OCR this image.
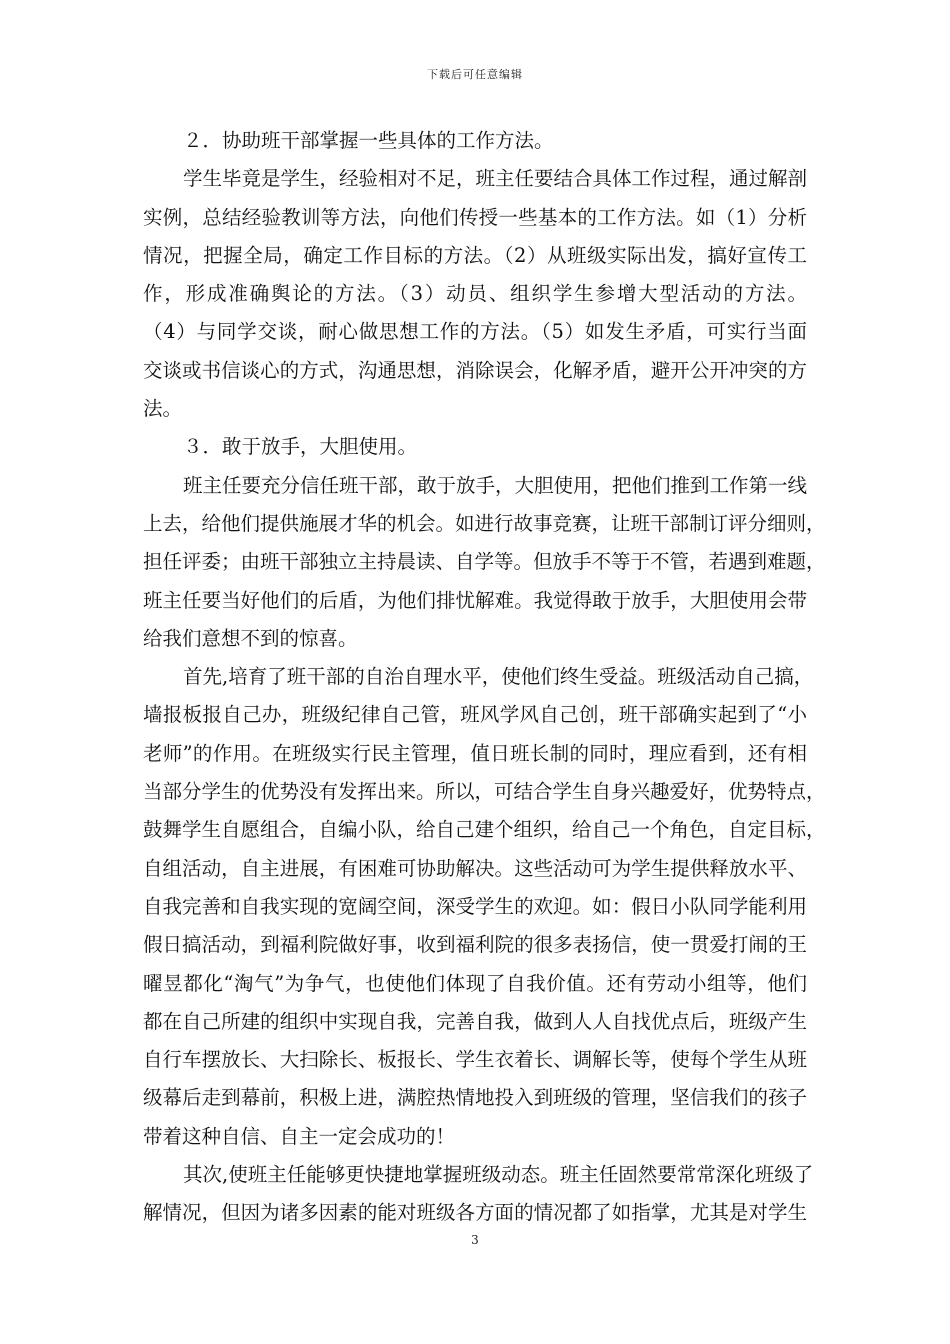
下载后可任意编辑
２．协助班干部掌握一些具体的工作方法。
学生毕竟是学生，经验相对不足，班主任要结合具体工作过程，通过解剖
实例，总结经验教训等方法，向他们传授一些基本的工作方法。如（1）分析
情况，把握全局，确定工作目标的方法。（2）从班级实际出发，搞好宣传工
作，形成准确舆论的方法。（3）动员、组织学生参增大型活动的方法。
（4）与同学交谈，耐心做思想工作的方法。（5）如发生矛盾，可实行当面
交谈或书信谈心的方式，沟通思想，消除误会，化解矛盾，避开公开冲突的方
法。
３．敢于放手，大胆使用。
班主任要充分信任班干部，敢于放手，大胆使用，把他们推到工作第一线
上去，给他们提供施展才华的机会。如进行故事竞赛，让班干部制订评分细则，
担任评委；由班干部独立主持晨读、自学等。但放手不等于不管，若遇到难题，
班主任要当好他们的后盾，为他们排忧解难。我觉得敢于放手，大胆使用会带
给我们意想不到的惊喜。
首先,培育了班干部的自治自理水平，使他们终生受益。班级活动自己搞，
墙报板报自己办，班级纪律自己管，班风学风自己创，班干部确实起到了“小
老师”的作用。在班级实行民主管理，值日班长制的同时，理应看到，还有相
当部分学生的优势没有发挥出来。所以，可结合学生自身兴趣爱好，优势特点，
鼓舞学生自愿组合，自编小队，给自己建个组织，给自己一个角色，自定目标，
自组活动，自主进展，有困难可协助解决。这些活动可为学生提供释放水平、
自我完善和自我实现的宽阔空间，深受学生的欢迎。如：假日小队同学能利用
假日搞活动，到福利院做好事，收到福利院的很多表扬信，使一贯爱打闹的王
曜昱都化“淘气”为争气，也使他们体现了自我价值。还有劳动小组等，他们
都在自己所建的组织中实现自我，完善自我，做到人人自找优点后，班级产生
自行车摆放长、大扫除长、板报长、学生衣着长、调解长等，使每个学生从班
级幕后走到幕前，积极上进，满腔热情地投入到班级的管理，坚信我们的孩子
带着这种自信、自主一定会成功的！
其次,使班主任能够更快捷地掌握班级动态。班主任固然要常常深化班级了
解情况，但因为诸多因素的能对班级各方面的情况都了如指掌，尤其是对学生
3
